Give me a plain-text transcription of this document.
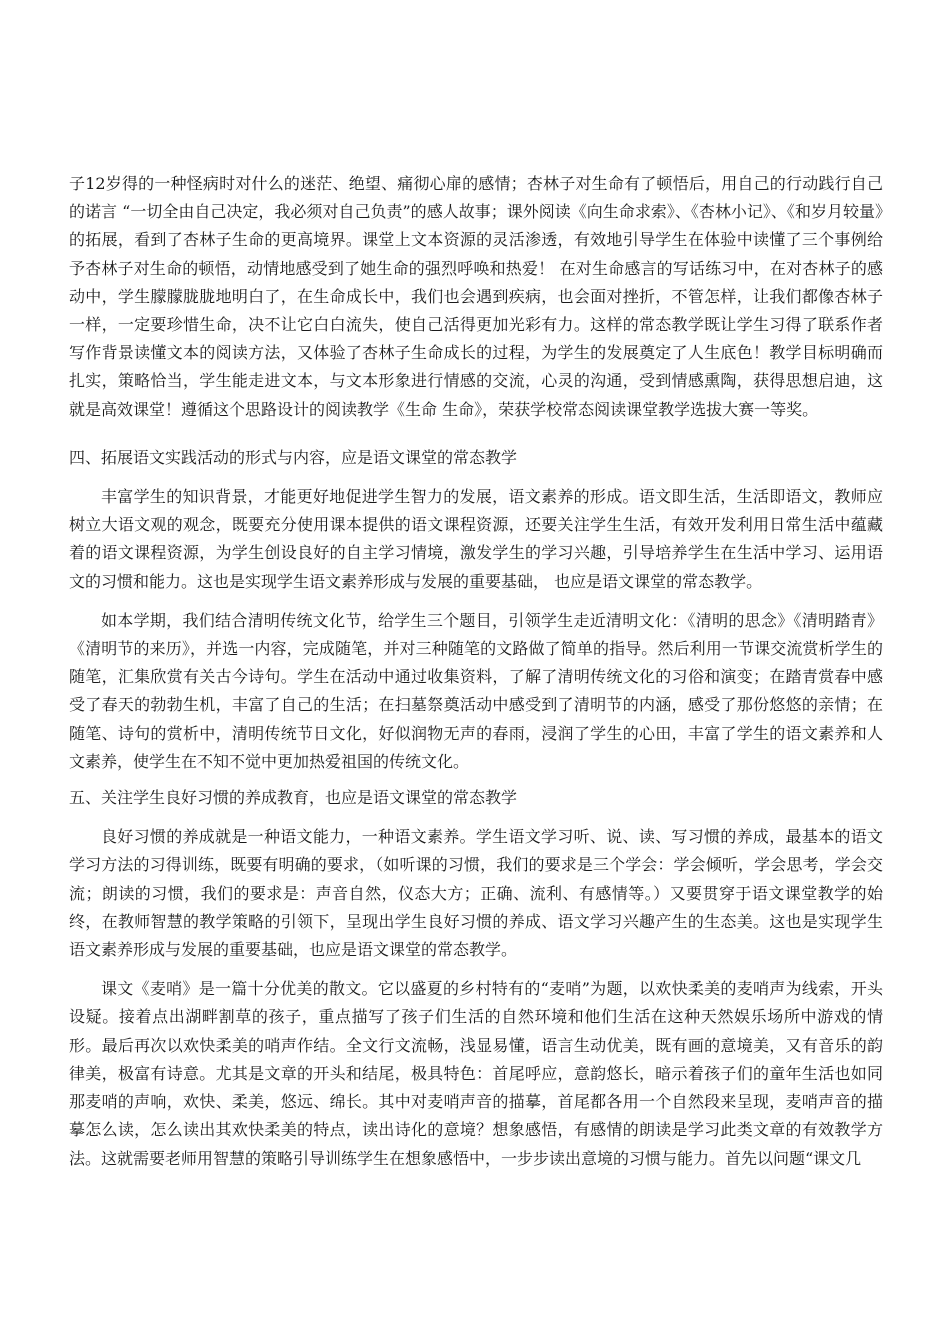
子12岁得的一种怪病时对什么的迷茫、绝望、痛彻心扉的感情；杏林子对生命有了顿悟后，用自己的行动践行自己的诺言 “一切全由自己决定，我必须对自己负责”的感人故事；课外阅读《向生命求索》、《杏林小记》、《和岁月较量》的拓展，看到了杏林子生命的更高境界。课堂上文本资源的灵活渗透，有效地引导学生在体验中读懂了三个事例给予杏林子对生命的顿悟，动情地感受到了她生命的强烈呼唤和热爱！ 在对生命感言的写话练习中，在对杏林子的感动中，学生朦朦胧胧地明白了，在生命成长中，我们也会遇到疾病，也会面对挫折，不管怎样，让我们都像杏林子一样，一定要珍惜生命，决不让它白白流失，使自己活得更加光彩有力。这样的常态教学既让学生习得了联系作者写作背景读懂文本的阅读方法，又体验了杏林子生命成长的过程，为学生的发展奠定了人生底色！教学目标明确而扎实，策略恰当，学生能走进文本，与文本形象进行情感的交流，心灵的沟通，受到情感熏陶，获得思想启迪，这就是高效课堂！遵循这个思路设计的阅读教学《生命 生命》，荣获学校常态阅读课堂教学选拔大赛一等奖。

四、拓展语文实践活动的形式与内容，应是语文课堂的常态教学

丰富学生的知识背景，才能更好地促进学生智力的发展，语文素养的形成。语文即生活，生活即语文，教师应树立大语文观的观念，既要充分使用课本提供的语文课程资源，还要关注学生生活，有效开发利用日常生活中蕴藏着的语文课程资源，为学生创设良好的自主学习情境，激发学生的学习兴趣，引导培养学生在生活中学习、运用语文的习惯和能力。这也是实现学生语文素养形成与发展的重要基础， 也应是语文课堂的常态教学。

如本学期，我们结合清明传统文化节，给学生三个题目，引领学生走近清明文化：《清明的思念》《清明踏青》《清明节的来历》，并选一内容，完成随笔，并对三种随笔的文路做了简单的指导。然后利用一节课交流赏析学生的随笔，汇集欣赏有关古今诗句。学生在活动中通过收集资料，了解了清明传统文化的习俗和演变；在踏青赏春中感受了春天的勃勃生机，丰富了自己的生活；在扫墓祭奠活动中感受到了清明节的内涵，感受了那份悠悠的亲情；在随笔、诗句的赏析中，清明传统节日文化，好似润物无声的春雨，浸润了学生的心田，丰富了学生的语文素养和人文素养，使学生在不知不觉中更加热爱祖国的传统文化。

五、关注学生良好习惯的养成教育，也应是语文课堂的常态教学

良好习惯的养成就是一种语文能力，一种语文素养。学生语文学习听、说、读、写习惯的养成，最基本的语文学习方法的习得训练，既要有明确的要求，（如听课的习惯，我们的要求是三个学会：学会倾听，学会思考，学会交流；朗读的习惯，我们的要求是：声音自然，仪态大方；正确、流利、有感情等。）又要贯穿于语文课堂教学的始终，在教师智慧的教学策略的引领下，呈现出学生良好习惯的养成、语文学习兴趣产生的生态美。这也是实现学生语文素养形成与发展的重要基础，也应是语文课堂的常态教学。

课文《麦哨》是一篇十分优美的散文。它以盛夏的乡村特有的“麦哨”为题，以欢快柔美的麦哨声为线索，开头设疑。接着点出湖畔割草的孩子，重点描写了孩子们生活的自然环境和他们生活在这种天然娱乐场所中游戏的情形。最后再次以欢快柔美的哨声作结。全文行文流畅，浅显易懂，语言生动优美，既有画的意境美，又有音乐的韵律美，极富有诗意。尤其是文章的开头和结尾，极具特色：首尾呼应，意韵悠长，暗示着孩子们的童年生活也如同那麦哨的声响，欢快、柔美，悠远、绵长。其中对麦哨声音的描摹，首尾都各用一个自然段来呈现，麦哨声音的描摹怎么读，怎么读出其欢快柔美的特点，读出诗化的意境？想象感悟，有感情的朗读是学习此类文章的有效教学方法。这就需要老师用智慧的策略引导训练学生在想象感悟中，一步步读出意境的习惯与能力。首先以问题“课文几
